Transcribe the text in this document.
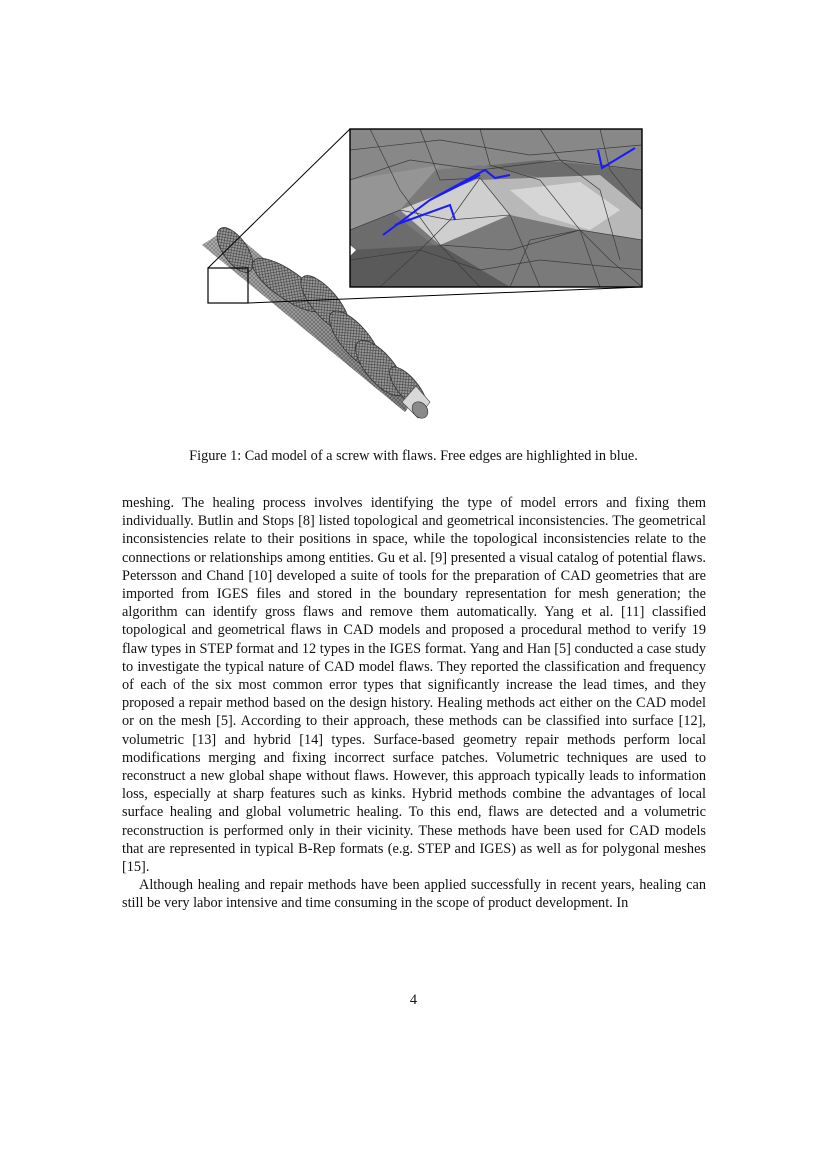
Figure 1: Cad model of a screw with flaws. Free edges are highlighted in blue.

meshing. The healing process involves identifying the type of model errors and fixing them individually. Butlin and Stops [8] listed topological and geometrical inconsistencies. The geometrical inconsistencies relate to their positions in space, while the topological inconsistencies relate to the connections or relationships among entities. Gu et al. [9] presented a visual catalog of potential flaws. Petersson and Chand [10] developed a suite of tools for the preparation of CAD geometries that are imported from IGES files and stored in the boundary representation for mesh generation; the algorithm can identify gross flaws and remove them automatically. Yang et al. [11] classified topological and geometrical flaws in CAD models and proposed a procedural method to verify 19 flaw types in STEP format and 12 types in the IGES format. Yang and Han [5] conducted a case study to investigate the typical nature of CAD model flaws. They reported the classification and frequency of each of the six most common error types that significantly increase the lead times, and they proposed a repair method based on the design history. Healing methods act either on the CAD model or on the mesh [5]. According to their approach, these methods can be classified into surface [12], volumetric [13] and hybrid [14] types. Surface-based geometry repair methods perform local modifications merging and fixing incorrect surface patches. Volumetric techniques are used to reconstruct a new global shape without flaws. However, this approach typically leads to information loss, especially at sharp features such as kinks. Hybrid methods combine the advantages of local surface healing and global volumetric healing. To this end, flaws are detected and a volumetric reconstruction is performed only in their vicinity. These methods have been used for CAD models that are represented in typical B-Rep formats (e.g. STEP and IGES) as well as for polygonal meshes [15].

Although healing and repair methods have been applied successfully in recent years, healing can still be very labor intensive and time consuming in the scope of product development. In

4
